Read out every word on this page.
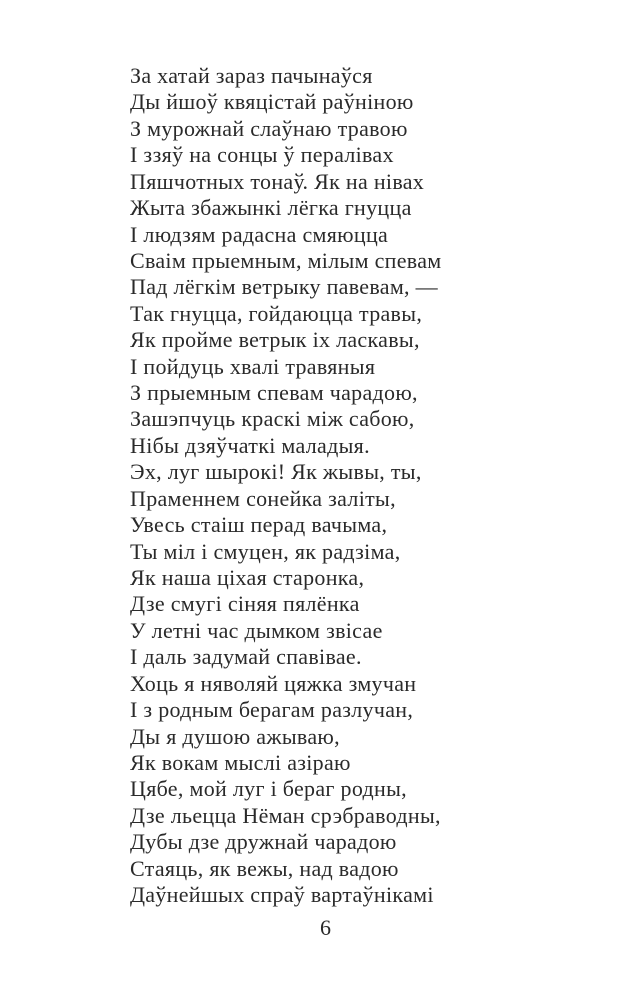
За хатай зараз пачынаўся
Ды йшоў квяцістай раўніною
З мурожнай слаўнаю травою
І ззяў на сонцы ў пераліваx
Пяшчотных тонаў. Як на нівах
Жыта збажынкі лёгка гнуцца
І людзям радасна смяюцца
Сваім прыемным, мілым спевам
Пад лёгкім ветрыку павевам, —
Так гнуцца, гойдаюцца травы,
Як пройме ветрык іх ласкавы,
І пойдуць хвалі травяныя
З прыемным спевам чарадою,
Зашэпчуць краскі між сабою,
Нібы дзяўчаткі маладыя.
Эх, луг шырокі! Як жывы, ты,
Праменнем сонейка заліты,
Увесь стаіш перад вачыма,
Ты міл і смуцен, як радзіма,
Як наша ціхая старонка,
Дзе смугі сіняя пялёнка
У летні час дымком звісае
І даль задумай спавівае.
Хоць я няволяй цяжка змучан
І з родным берагам разлучан,
Ды я душою ажываю,
Як вокам мыслі азіраю
Цябе, мой луг і бераг родны,
Дзе льецца Нёман срэбраводны,
Дубы дзе дружнай чарадою
Стаяць, як вежы, над вадою
Даўнейшых спраў вартаўнікамі
6
